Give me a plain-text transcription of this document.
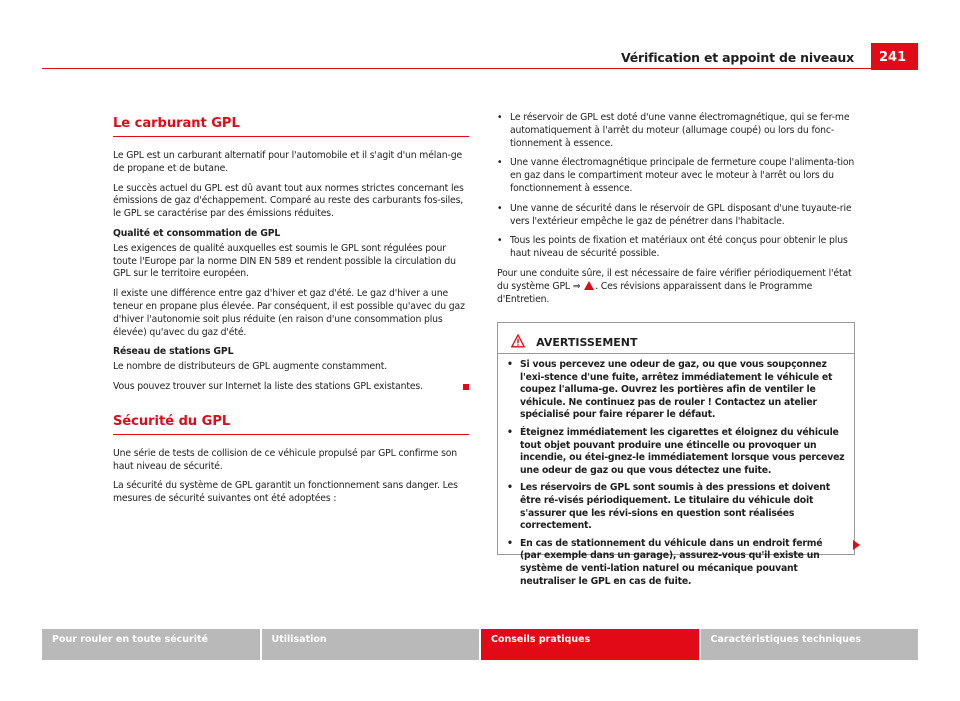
Vérification et appoint de niveaux	241
Le carburant GPL

Le GPL est un carburant alternatif pour l'automobile et il s'agit d'un mélan-ge de propane et de butane.

Le succès actuel du GPL est dû avant tout aux normes strictes concernant les émissions de gaz d'échappement. Comparé au reste des carburants fos-siles, le GPL se caractérise par des émissions réduites.

Qualité et consommation de GPL

Les exigences de qualité auxquelles est soumis le GPL sont régulées pour toute l'Europe par la norme DIN EN 589 et rendent possible la circulation du GPL sur le territoire européen.

Il existe une différence entre gaz d'hiver et gaz d'été. Le gaz d'hiver a une teneur en propane plus élevée. Par conséquent, il est possible qu'avec du gaz d'hiver l'autonomie soit plus réduite (en raison d'une consommation plus élevée) qu'avec du gaz d'été.

Réseau de stations GPL

Le nombre de distributeurs de GPL augmente constamment.

Vous pouvez trouver sur Internet la liste des stations GPL existantes.

Sécurité du GPL

Une série de tests de collision de ce véhicule propulsé par GPL confirme son haut niveau de sécurité.

La sécurité du système de GPL garantit un fonctionnement sans danger. Les mesures de sécurité suivantes ont été adoptées :

• Le réservoir de GPL est doté d'une vanne électromagnétique, qui se fer-me automatiquement à l'arrêt du moteur (allumage coupé) ou lors du fonc-tionnement à essence.

• Une vanne électromagnétique principale de fermeture coupe l'alimenta-tion en gaz dans le compartiment moteur avec le moteur à l'arrêt ou lors du fonctionnement à essence.

• Une vanne de sécurité dans le réservoir de GPL disposant d'une tuyaute-rie vers l'extérieur empêche le gaz de pénétrer dans l'habitacle.

• Tous les points de fixation et matériaux ont été conçus pour obtenir le plus haut niveau de sécurité possible.

Pour une conduite sûre, il est nécessaire de faire vérifier périodiquement l'état du système GPL ⇒ . Ces révisions apparaissent dans le Programme d'Entretien.

AVERTISSEMENT

• Si vous percevez une odeur de gaz, ou que vous soupçonnez l'exi-stence d'une fuite, arrêtez immédiatement le véhicule et coupez l'alluma-ge. Ouvrez les portières afin de ventiler le véhicule. Ne continuez pas de rouler ! Contactez un atelier spécialisé pour faire réparer le défaut.

• Éteignez immédiatement les cigarettes et éloignez du véhicule tout objet pouvant produire une étincelle ou provoquer un incendie, ou étei-gnez-le immédiatement lorsque vous percevez une odeur de gaz ou que vous détectez une fuite.

• Les réservoirs de GPL sont soumis à des pressions et doivent être ré-visés périodiquement. Le titulaire du véhicule doit s'assurer que les révi-sions en question sont réalisées correctement.

• En cas de stationnement du véhicule dans un endroit fermé (par exemple dans un garage), assurez-vous qu'il existe un système de venti-lation naturel ou mécanique pouvant neutraliser le GPL en cas de fuite.

Pour rouler en toute sécurité	Utilisation	Conseils pratiques	Caractéristiques techniques
